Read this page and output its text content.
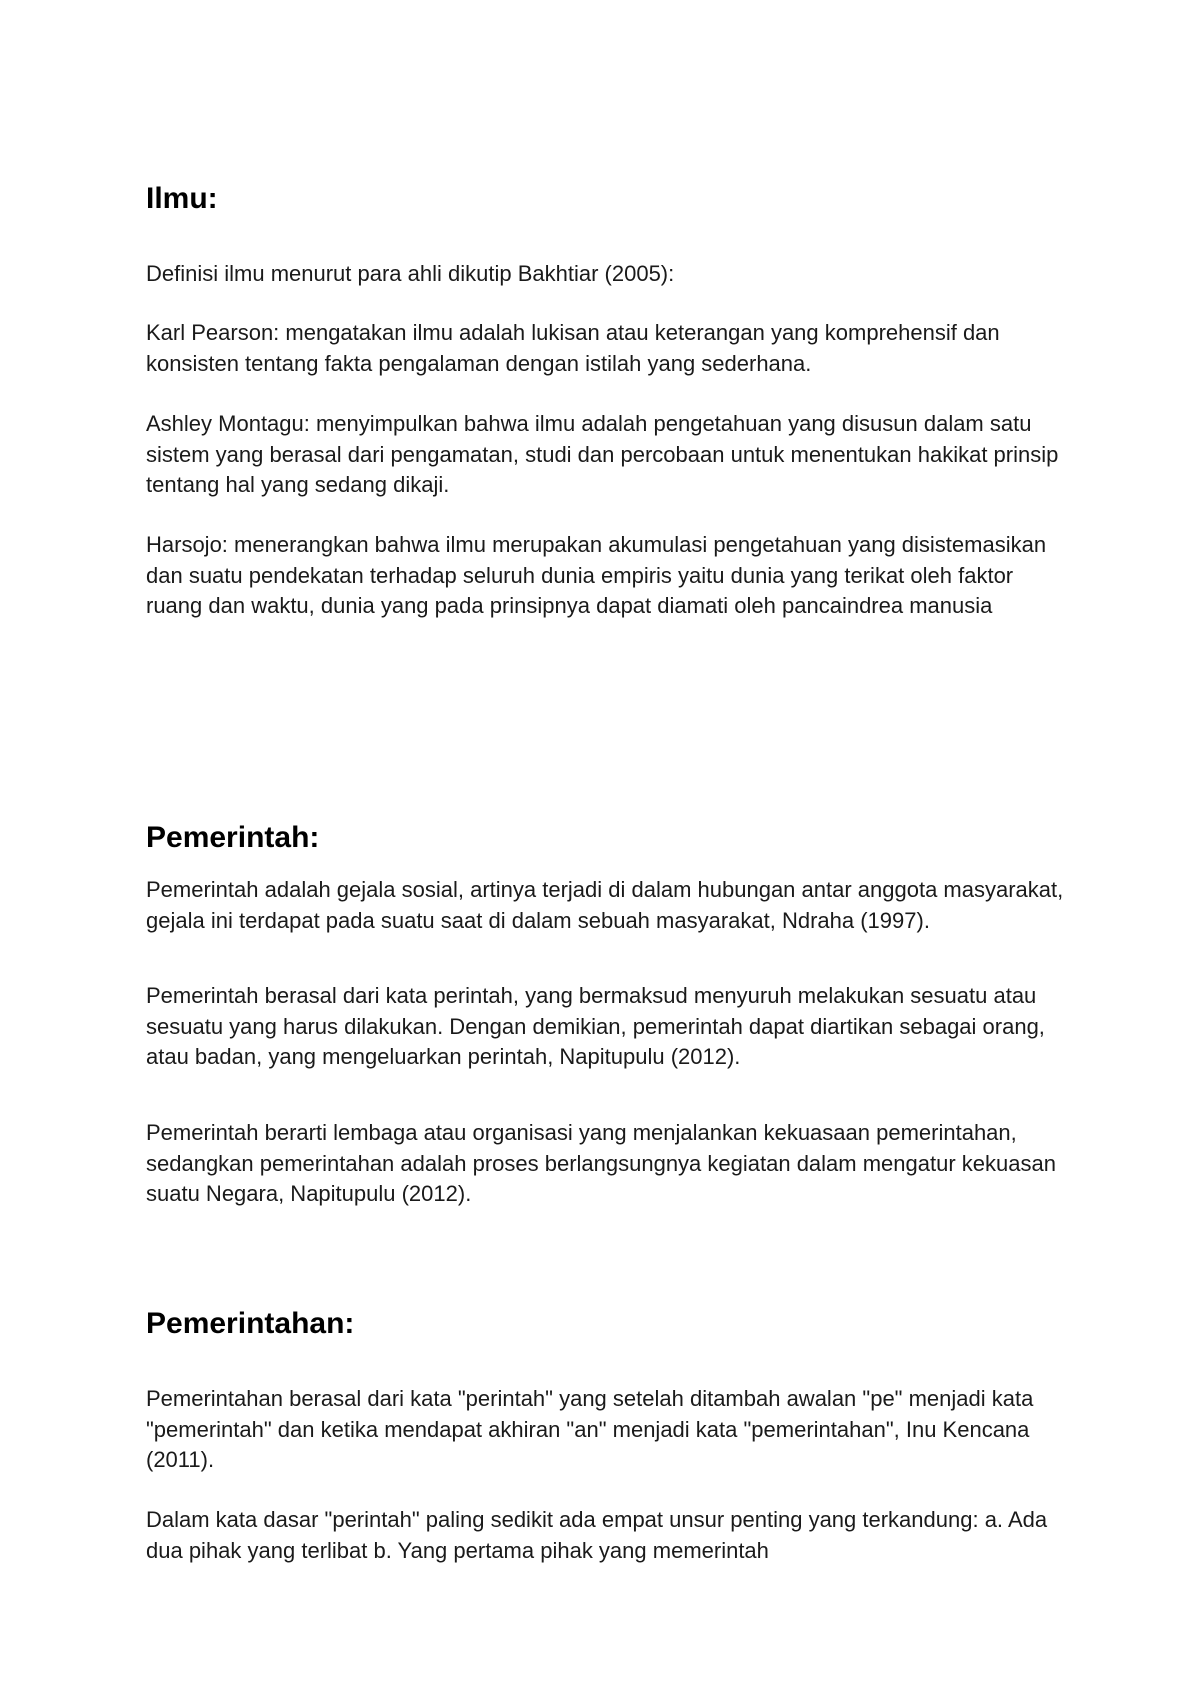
Ilmu:

Definisi ilmu menurut para ahli dikutip Bakhtiar (2005):

Karl Pearson: mengatakan ilmu adalah lukisan atau keterangan yang komprehensif dan konsisten tentang fakta pengalaman dengan istilah yang sederhana.

Ashley Montagu: menyimpulkan bahwa ilmu adalah pengetahuan yang disusun dalam satu sistem yang berasal dari pengamatan, studi dan percobaan untuk menentukan hakikat prinsip tentang hal yang sedang dikaji.

Harsojo: menerangkan bahwa ilmu merupakan akumulasi pengetahuan yang disistemasikan dan suatu pendekatan terhadap seluruh dunia empiris yaitu dunia yang terikat oleh faktor ruang dan waktu, dunia yang pada prinsipnya dapat diamati oleh pancaindrea manusia

Pemerintah:

Pemerintah adalah gejala sosial, artinya terjadi di dalam hubungan antar anggota masyarakat, gejala ini terdapat pada suatu saat di dalam sebuah masyarakat, Ndraha (1997).

Pemerintah berasal dari kata perintah, yang bermaksud menyuruh melakukan sesuatu atau sesuatu yang harus dilakukan. Dengan demikian, pemerintah dapat diartikan sebagai orang, atau badan, yang mengeluarkan perintah, Napitupulu (2012).

Pemerintah berarti lembaga atau organisasi yang menjalankan kekuasaan pemerintahan, sedangkan pemerintahan adalah proses berlangsungnya kegiatan dalam mengatur kekuasan suatu Negara, Napitupulu (2012).

Pemerintahan:

Pemerintahan berasal dari kata "perintah" yang setelah ditambah awalan "pe" menjadi kata "pemerintah" dan ketika mendapat akhiran "an" menjadi kata "pemerintahan", Inu Kencana (2011).

Dalam kata dasar "perintah" paling sedikit ada empat unsur penting yang terkandung: a. Ada dua pihak yang terlibat b. Yang pertama pihak yang memerintah
